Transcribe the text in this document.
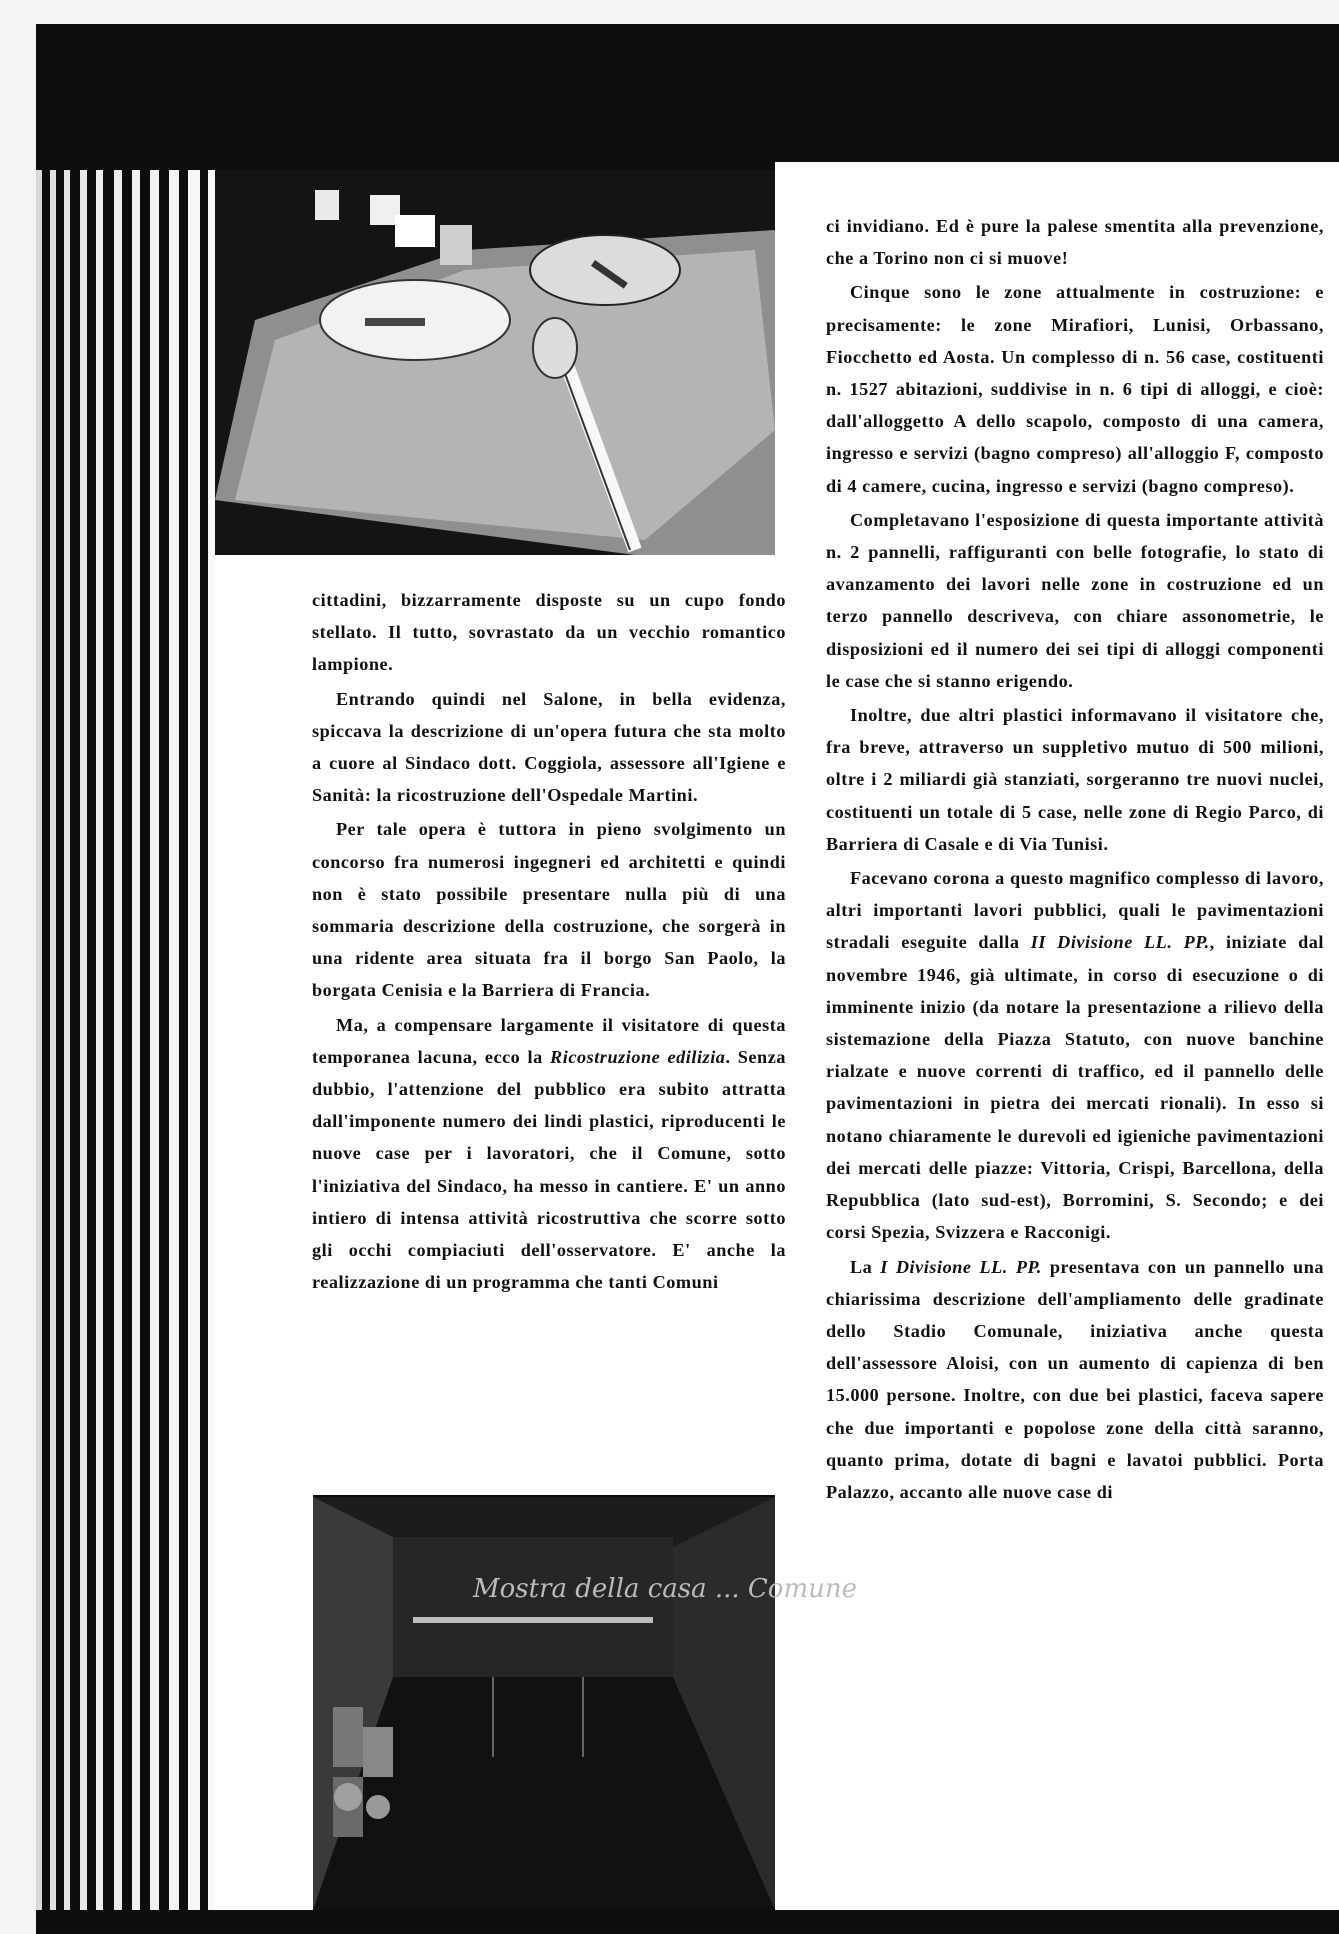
Mostra della casa ... Comune

cittadini, bizzarramente disposte su un cupo fondo stellato. Il tutto, sovrastato da un vecchio romantico lampione.

Entrando quindi nel Salone, in bella evidenza, spiccava la descrizione di un'opera futura che sta molto a cuore al Sindaco dott. Coggiola, assessore all'Igiene e Sanità: la ricostruzione dell'Ospedale Martini.

Per tale opera è tuttora in pieno svolgimento un concorso fra numerosi ingegneri ed architetti e quindi non è stato possibile presentare nulla più di una sommaria descrizione della costruzione, che sorgerà in una ridente area situata fra il borgo San Paolo, la borgata Cenisia e la Barriera di Francia.

Ma, a compensare largamente il visitatore di questa temporanea lacuna, ecco la Ricostruzione edilizia. Senza dubbio, l'attenzione del pubblico era subito attratta dall'imponente numero dei lindi plastici, riproducenti le nuove case per i lavoratori, che il Comune, sotto l'iniziativa del Sindaco, ha messo in cantiere. E' un anno intiero di intensa attività ricostruttiva che scorre sotto gli occhi compiaciuti dell'osservatore. E' anche la realizzazione di un programma che tanti Comuni

ci invidiano. Ed è pure la palese smentita alla prevenzione, che a Torino non ci si muove!

Cinque sono le zone attualmente in costruzione: e precisamente: le zone Mirafiori, Lunisi, Orbassano, Fiocchetto ed Aosta. Un complesso di n. 56 case, costituenti n. 1527 abitazioni, suddivise in n. 6 tipi di alloggi, e cioè: dall'alloggetto A dello scapolo, composto di una camera, ingresso e servizi (bagno compreso) all'alloggio F, composto di 4 camere, cucina, ingresso e servizi (bagno compreso).

Completavano l'esposizione di questa importante attività n. 2 pannelli, raffiguranti con belle fotografie, lo stato di avanzamento dei lavori nelle zone in costruzione ed un terzo pannello descriveva, con chiare assonometrie, le disposizioni ed il numero dei sei tipi di alloggi componenti le case che si stanno erigendo.

Inoltre, due altri plastici informavano il visitatore che, fra breve, attraverso un suppletivo mutuo di 500 milioni, oltre i 2 miliardi già stanziati, sorgeranno tre nuovi nuclei, costituenti un totale di 5 case, nelle zone di Regio Parco, di Barriera di Casale e di Via Tunisi.

Facevano corona a questo magnifico complesso di lavoro, altri importanti lavori pubblici, quali le pavimentazioni stradali eseguite dalla II Divisione LL. PP., iniziate dal novembre 1946, già ultimate, in corso di esecuzione o di imminente inizio (da notare la presentazione a rilievo della sistemazione della Piazza Statuto, con nuove banchine rialzate e nuove correnti di traffico, ed il pannello delle pavimentazioni in pietra dei mercati rionali). In esso si notano chiaramente le durevoli ed igieniche pavimentazioni dei mercati delle piazze: Vittoria, Crispi, Barcellona, della Repubblica (lato sud-est), Borromini, S. Secondo; e dei corsi Spezia, Svizzera e Racconigi.

La I Divisione LL. PP. presentava con un pannello una chiarissima descrizione dell'ampliamento delle gradinate dello Stadio Comunale, iniziativa anche questa dell'assessore Aloisi, con un aumento di capienza di ben 15.000 persone. Inoltre, con due bei plastici, faceva sapere che due importanti e popolose zone della città saranno, quanto prima, dotate di bagni e lavatoi pubblici. Porta Palazzo, accanto alle nuove case di
